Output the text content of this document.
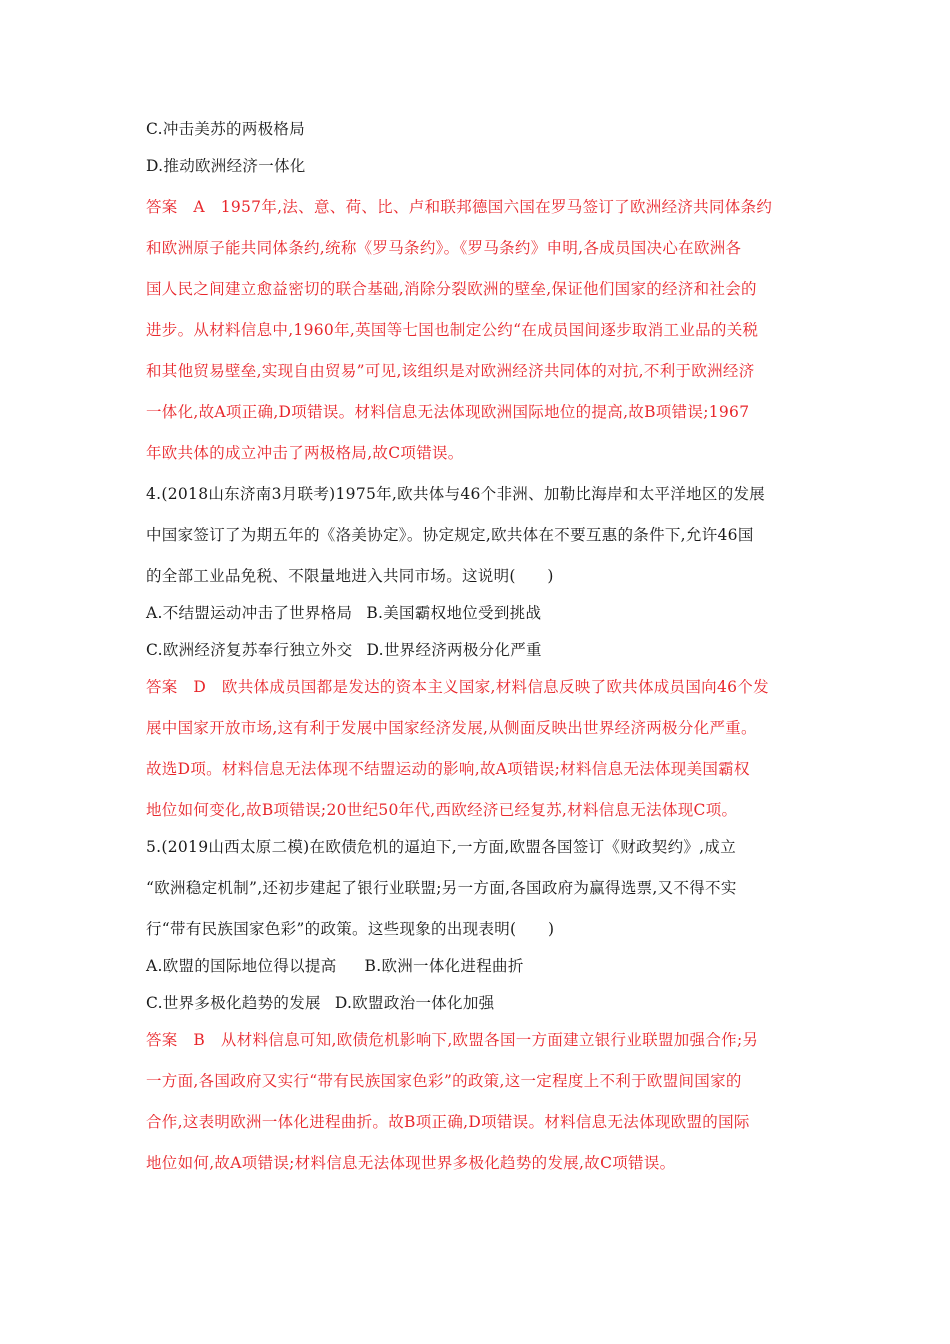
C.冲击美苏的两极格局
D.推动欧洲经济一体化
答案　A　1957年,法、意、荷、比、卢和联邦德国六国在罗马签订了欧洲经济共同体条约
和欧洲原子能共同体条约,统称《罗马条约》。《罗马条约》申明,各成员国决心在欧洲各
国人民之间建立愈益密切的联合基础,消除分裂欧洲的壁垒,保证他们国家的经济和社会的
进步。从材料信息中,1960年,英国等七国也制定公约“在成员国间逐步取消工业品的关税
和其他贸易壁垒,实现自由贸易”可见,该组织是对欧洲经济共同体的对抗,不利于欧洲经济
一体化,故A项正确,D项错误。材料信息无法体现欧洲国际地位的提高,故B项错误;1967
年欧共体的成立冲击了两极格局,故C项错误。
4.(2018山东济南3月联考)1975年,欧共体与46个非洲、加勒比海岸和太平洋地区的发展
中国家签订了为期五年的《洛美协定》。协定规定,欧共体在不要互惠的条件下,允许46国
的全部工业品免税、不限量地进入共同市场。这说明(　　)
A.不结盟运动冲击了世界格局 B.美国霸权地位受到挑战
C.欧洲经济复苏奉行独立外交 D.世界经济两极分化严重
答案　D　欧共体成员国都是发达的资本主义国家,材料信息反映了欧共体成员国向46个发
展中国家开放市场,这有利于发展中国家经济发展,从侧面反映出世界经济两极分化严重。
故选D项。材料信息无法体现不结盟运动的影响,故A项错误;材料信息无法体现美国霸权
地位如何变化,故B项错误;20世纪50年代,西欧经济已经复苏,材料信息无法体现C项。
5.(2019山西太原二模)在欧债危机的逼迫下,一方面,欧盟各国签订《财政契约》,成立
“欧洲稳定机制”,还初步建起了银行业联盟;另一方面,各国政府为赢得选票,又不得不实
行“带有民族国家色彩”的政策。这些现象的出现表明(　　)
A.欧盟的国际地位得以提高 B.欧洲一体化进程曲折
C.世界多极化趋势的发展 D.欧盟政治一体化加强
答案　B　从材料信息可知,欧债危机影响下,欧盟各国一方面建立银行业联盟加强合作;另
一方面,各国政府又实行“带有民族国家色彩”的政策,这一定程度上不利于欧盟间国家的
合作,这表明欧洲一体化进程曲折。故B项正确,D项错误。材料信息无法体现欧盟的国际
地位如何,故A项错误;材料信息无法体现世界多极化趋势的发展,故C项错误。
